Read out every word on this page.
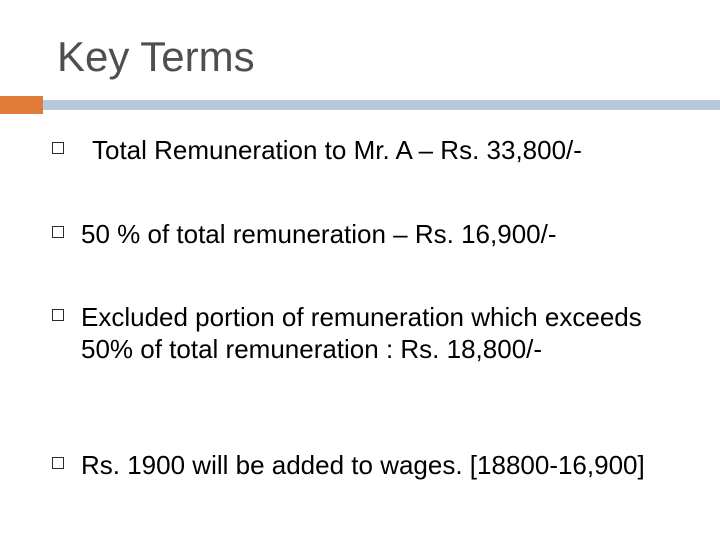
Key Terms
Total Remuneration to Mr. A – Rs. 33,800/-
50 % of total remuneration – Rs. 16,900/-
Excluded portion of remuneration which exceeds 50% of total remuneration : Rs. 18,800/-
Rs. 1900 will be added to wages. [18800-16,900]
